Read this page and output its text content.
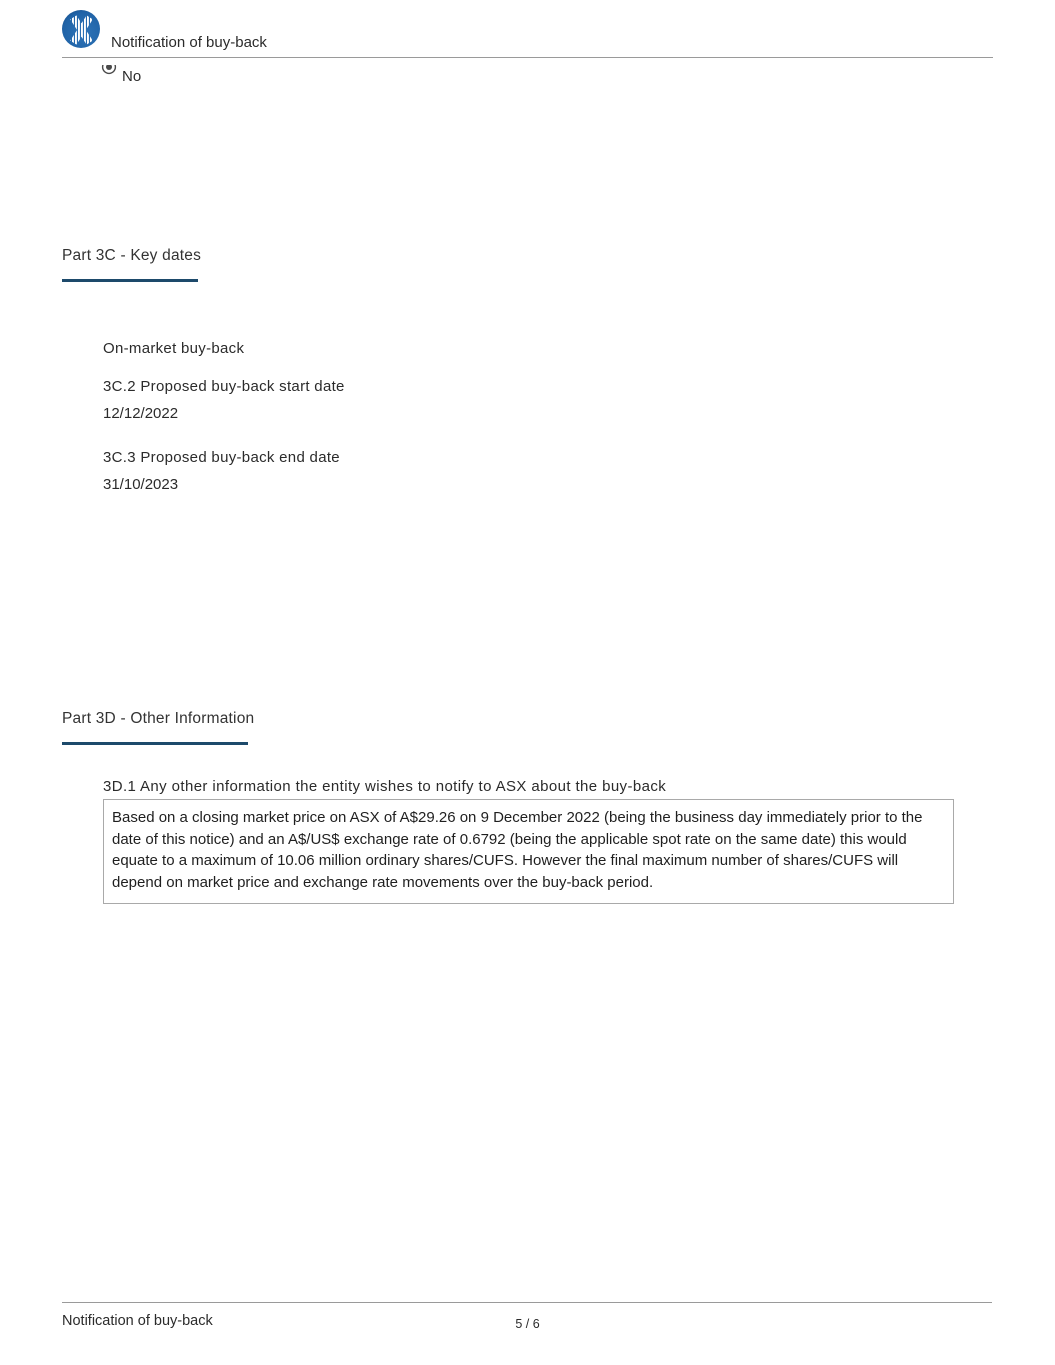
Notification of buy-back
No
Part 3C - Key dates
On-market buy-back
3C.2 Proposed buy-back start date
12/12/2022
3C.3 Proposed buy-back end date
31/10/2023
Part 3D - Other Information
3D.1 Any other information the entity wishes to notify to ASX about the buy-back
Based on a closing market price on ASX of A$29.26 on 9 December 2022 (being the business day immediately prior to the date of this notice) and an A$/US$ exchange rate of 0.6792 (being the applicable spot rate on the same date) this would equate to a maximum of 10.06 million ordinary shares/CUFS. However the final maximum number of shares/CUFS will depend on market price and exchange rate movements over the buy-back period.
Notification of buy-back	5 / 6
